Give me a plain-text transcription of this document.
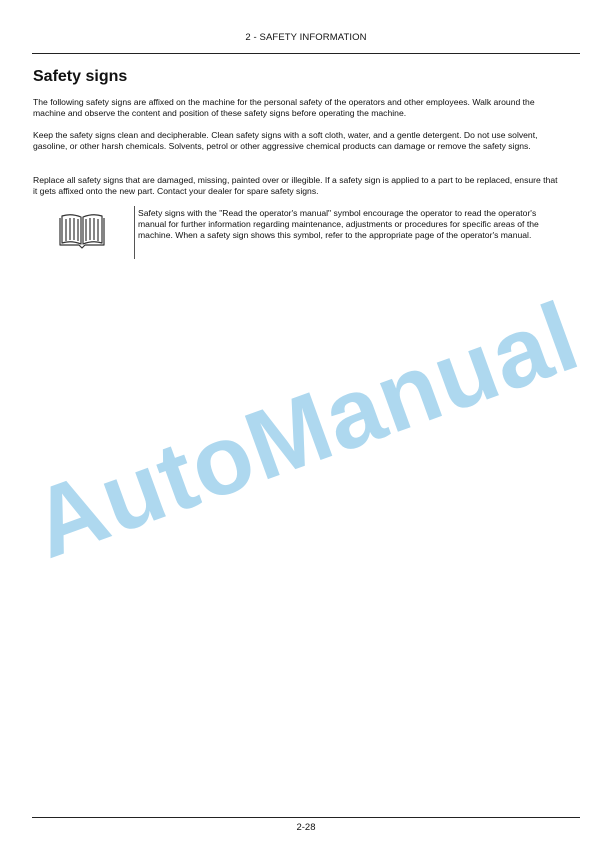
2 - SAFETY INFORMATION
Safety signs

The following safety signs are affixed on the machine for the personal safety of the operators and other employees. Walk around the machine and observe the content and position of these safety signs before operating the machine.

Keep the safety signs clean and decipherable. Clean safety signs with a soft cloth, water, and a gentle detergent. Do not use solvent, gasoline, or other harsh chemicals. Solvents, petrol or other aggressive chemical products can damage or remove the safety signs.

Replace all safety signs that are damaged, missing, painted over or illegible. If a safety sign is applied to a part to be replaced, ensure that it gets affixed onto the new part. Contact your dealer for spare safety signs.

Safety signs with the "Read the operator's manual" symbol encourage the operator to read the operator's manual for further information regarding maintenance, adjustments or procedures for specific areas of the machine. When a safety sign shows this symbol, refer to the appropriate page of the operator's manual.

AutoManual
2-28
